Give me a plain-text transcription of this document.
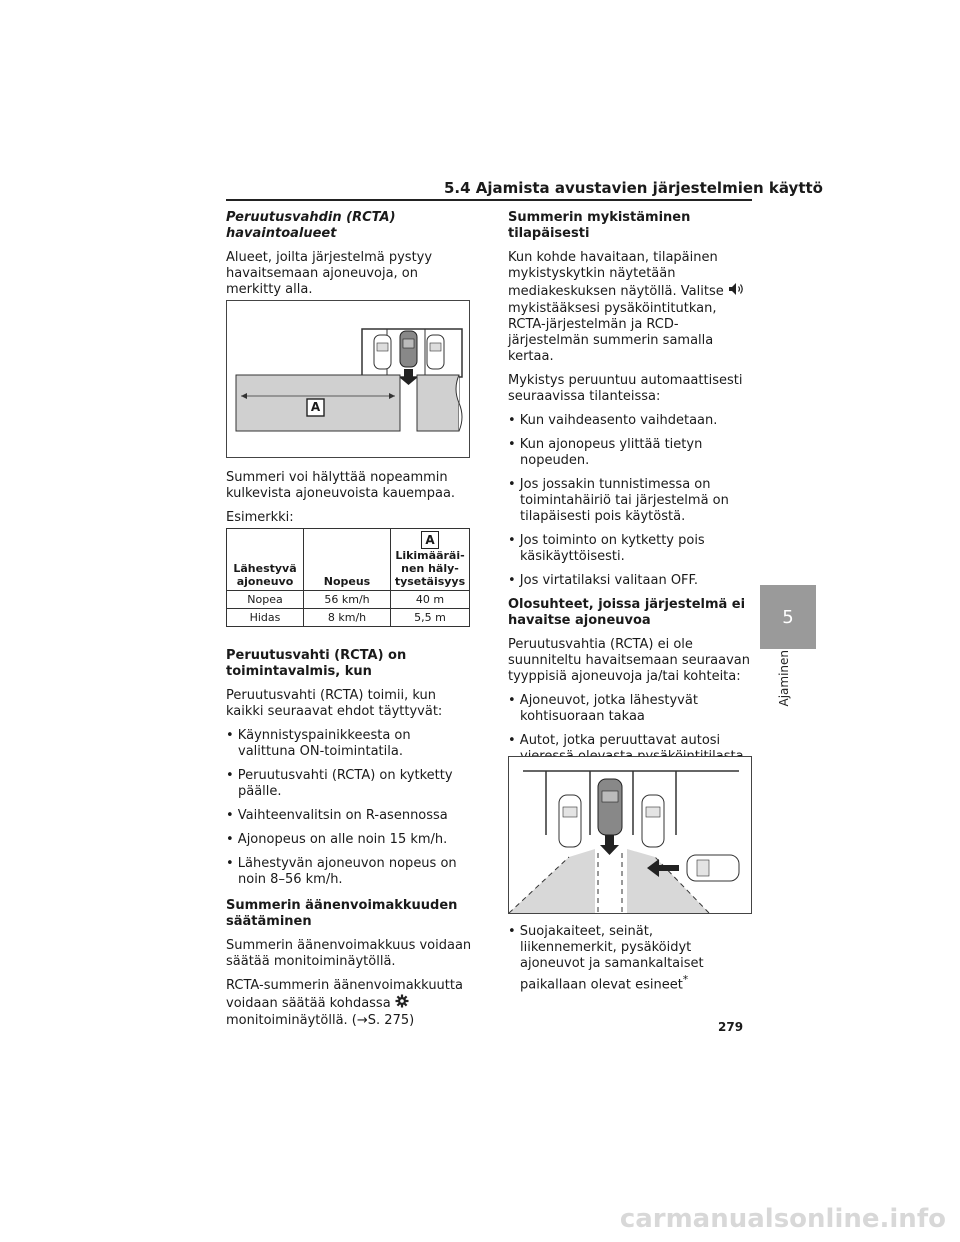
5.4 Ajamista avustavien järjestelmien käyttö
5
Ajaminen
Peruutusvahdin (RCTA) havaintoalueet

Alueet, joilta järjestelmä pystyy havaitsemaan ajoneuvoja, on merkitty alla.

A

Summeri voi hälyttää nopeammin kulkevista ajoneuvoista kauempaa.

Esimerkki:

Lähestyvä ajoneuvo	Nopeus	A
Likimääräi-nen häly-tysetäisyys
Nopea	56 km/h	40 m
Hidas	8 km/h	5,5 m
Peruutusvahti (RCTA) on toimintavalmis, kun

Peruutusvahti (RCTA) toimii, kun kaikki seuraavat ehdot täyttyvät:

• Käynnistyspainikkeesta on valittuna ON-toimintatila.

• Peruutusvahti (RCTA) on kytketty päälle.

• Vaihteenvalitsin on R-asennossa

• Ajonopeus on alle noin 15 km/h.

• Lähestyvän ajoneuvon nopeus on noin 8–56 km/h.

Summerin äänenvoimakkuuden säätäminen

Summerin äänenvoimakkuus voidaan säätää monitoiminäytöllä.

RCTA-summerin äänenvoimakkuutta voidaan säätää kohdassa  monitoiminäytöllä. (→S. 275)

Summerin mykistäminen tilapäisesti

Kun kohde havaitaan, tilapäinen mykistyskytkin näytetään mediakeskuksen näytöllä. Valitse  mykistääksesi pysäköintitutkan, RCTA-järjestelmän ja RCD-järjestelmän summerin samalla kertaa.

Mykistys peruuntuu automaattisesti seuraavissa tilanteissa:

• Kun vaihdeasento vaihdetaan.

• Kun ajonopeus ylittää tietyn nopeuden.

• Jos jossakin tunnistimessa on toimintahäiriö tai järjestelmä on tilapäisesti pois käytöstä.

• Jos toiminto on kytketty pois käsikäyttöisesti.

• Jos virtatilaksi valitaan OFF.

Olosuhteet, joissa järjestelmä ei havaitse ajoneuvoa

Peruutusvahtia (RCTA) ei ole suunniteltu havaitsemaan seuraavan tyyppisiä ajoneuvoja ja/tai kohteita:

• Ajoneuvot, jotka lähestyvät kohtisuoraan takaa

• Autot, jotka peruuttavat autosi

• Suojakaiteet, seinät, liikennemerkit, pysäköidyt ajoneuvot ja samankaltaiset paikallaan olevat esineet*

279
carmanualsonline.info
